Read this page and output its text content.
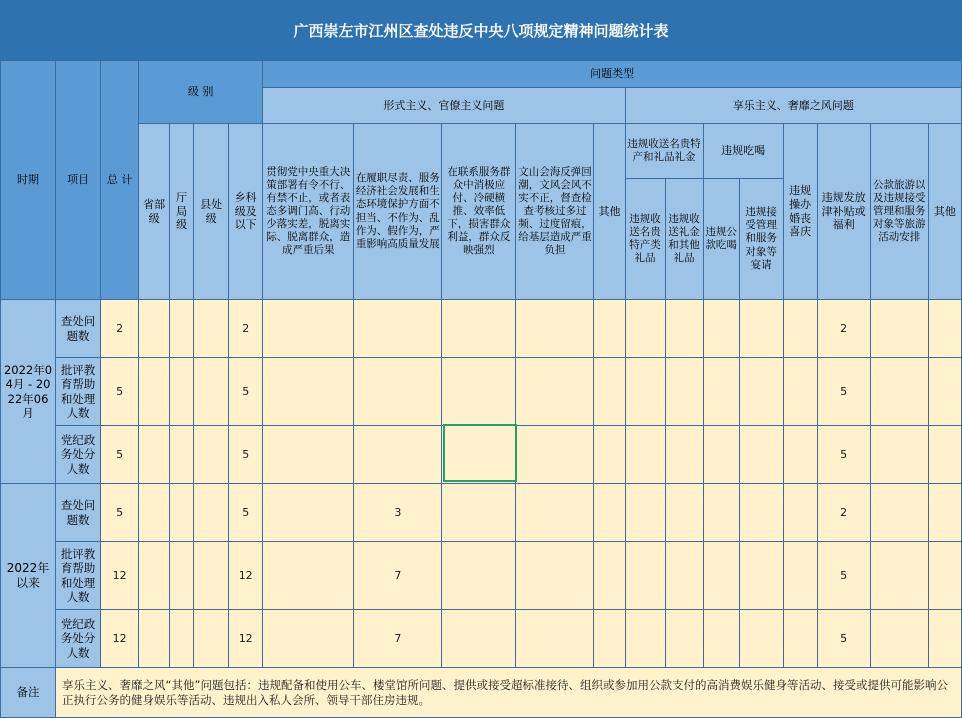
广西崇左市江州区查处违反中央八项规定精神问题统计表
时期	项目	总 计	级 别				问题类型												
							形式主义、官僚主义问题					享乐主义、奢靡之风问题							
			省部级	厅局级	县处级	乡科级及以下	贯彻党中央重大决策部署有令不行、有禁不止，或者表态多调门高、行动少落实差，脱离实际、脱离群众，造成严重后果	在履职尽责、服务经济社会发展和生态环境保护方面不担当、不作为、乱作为、假作为，严重影响高质量发展	在联系服务群众中消极应付、冷硬横推、效率低下，损害群众利益，群众反映强烈	文山会海反弹回潮，文风会风不实不正，督查检查考核过多过频、过度留痕，给基层造成严重负担	其他	违规收送名贵特产和礼品礼金		违规吃喝		违规操办婚丧喜庆	违规发放津补贴或福利	公款旅游以及违规接受管理和服务对象等旅游活动安排	其他
												违规收送名贵特产类礼品	违规收送礼金和其他礼品	违规公款吃喝	违规接受管理和服务对象等宴请				
2022年04月 - 2022年06月	查处问题数	2				2											2		
	批评教育帮助和处理人数	5				5											5		
	党纪政务处分人数	5				5											5		
2022年以来	查处问题数	5				5		3									2		
	批评教育帮助和处理人数	12				12		7									5		
	党纪政务处分人数	12				12		7									5		
备注	享乐主义、奢靡之风“其他”问题包括：违规配备和使用公车、楼堂馆所问题、提供或接受超标准接待、组织或参加用公款支付的高消费娱乐健身等活动、接受或提供可能影响公正执行公务的健身娱乐等活动、违规出入私人会所、领导干部住房违规。																		
